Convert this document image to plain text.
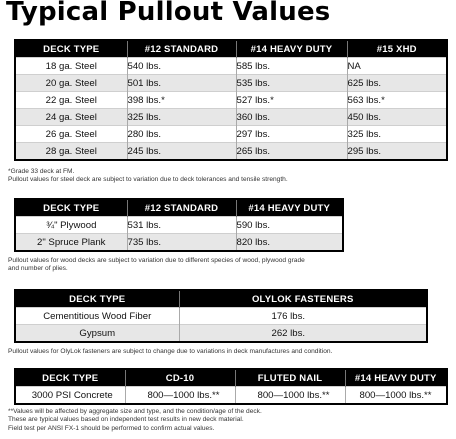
Typical Pullout Values
DECK TYPE	#12 STANDARD	#14 HEAVY DUTY	#15 XHD
18 ga. Steel	540 lbs.	585 lbs.	NA
20 ga. Steel	501 lbs.	535 lbs.	625 lbs.
22 ga. Steel	398 lbs.*	527 lbs.*	563 lbs.*
24 ga. Steel	325 lbs.	360 lbs.	450 lbs.
26 ga. Steel	280 lbs.	297 lbs.	325 lbs.
28 ga. Steel	245 lbs.	265 lbs.	295 lbs.

*Grade 33 deck at FM.
Pullout values for steel deck are subject to variation due to deck tolerances and tensile strength.

DECK TYPE	#12 STANDARD	#14 HEAVY DUTY
¾" Plywood	531 lbs.	590 lbs.
2" Spruce Plank	735 lbs.	820 lbs.

Pullout values for wood decks are subject to variation due to different species of wood, plywood grade
and number of plies.

DECK TYPE	OLYLOK FASTENERS
Cementitious Wood Fiber	176 lbs.
Gypsum	262 lbs.

Pullout values for OlyLok fasteners are subject to change due to variations in deck manufactures and condition.

DECK TYPE	CD-10	FLUTED NAIL	#14 HEAVY DUTY
3000 PSI Concrete	800—1000 lbs.**	800—1000 lbs.**	800—1000 lbs.**

**Values will be affected by aggregate size and type, and the condition/age of the deck.
These are typical values based on independent test results in new deck material.
Field test per ANSI FX-1 should be performed to confirm actual values.
